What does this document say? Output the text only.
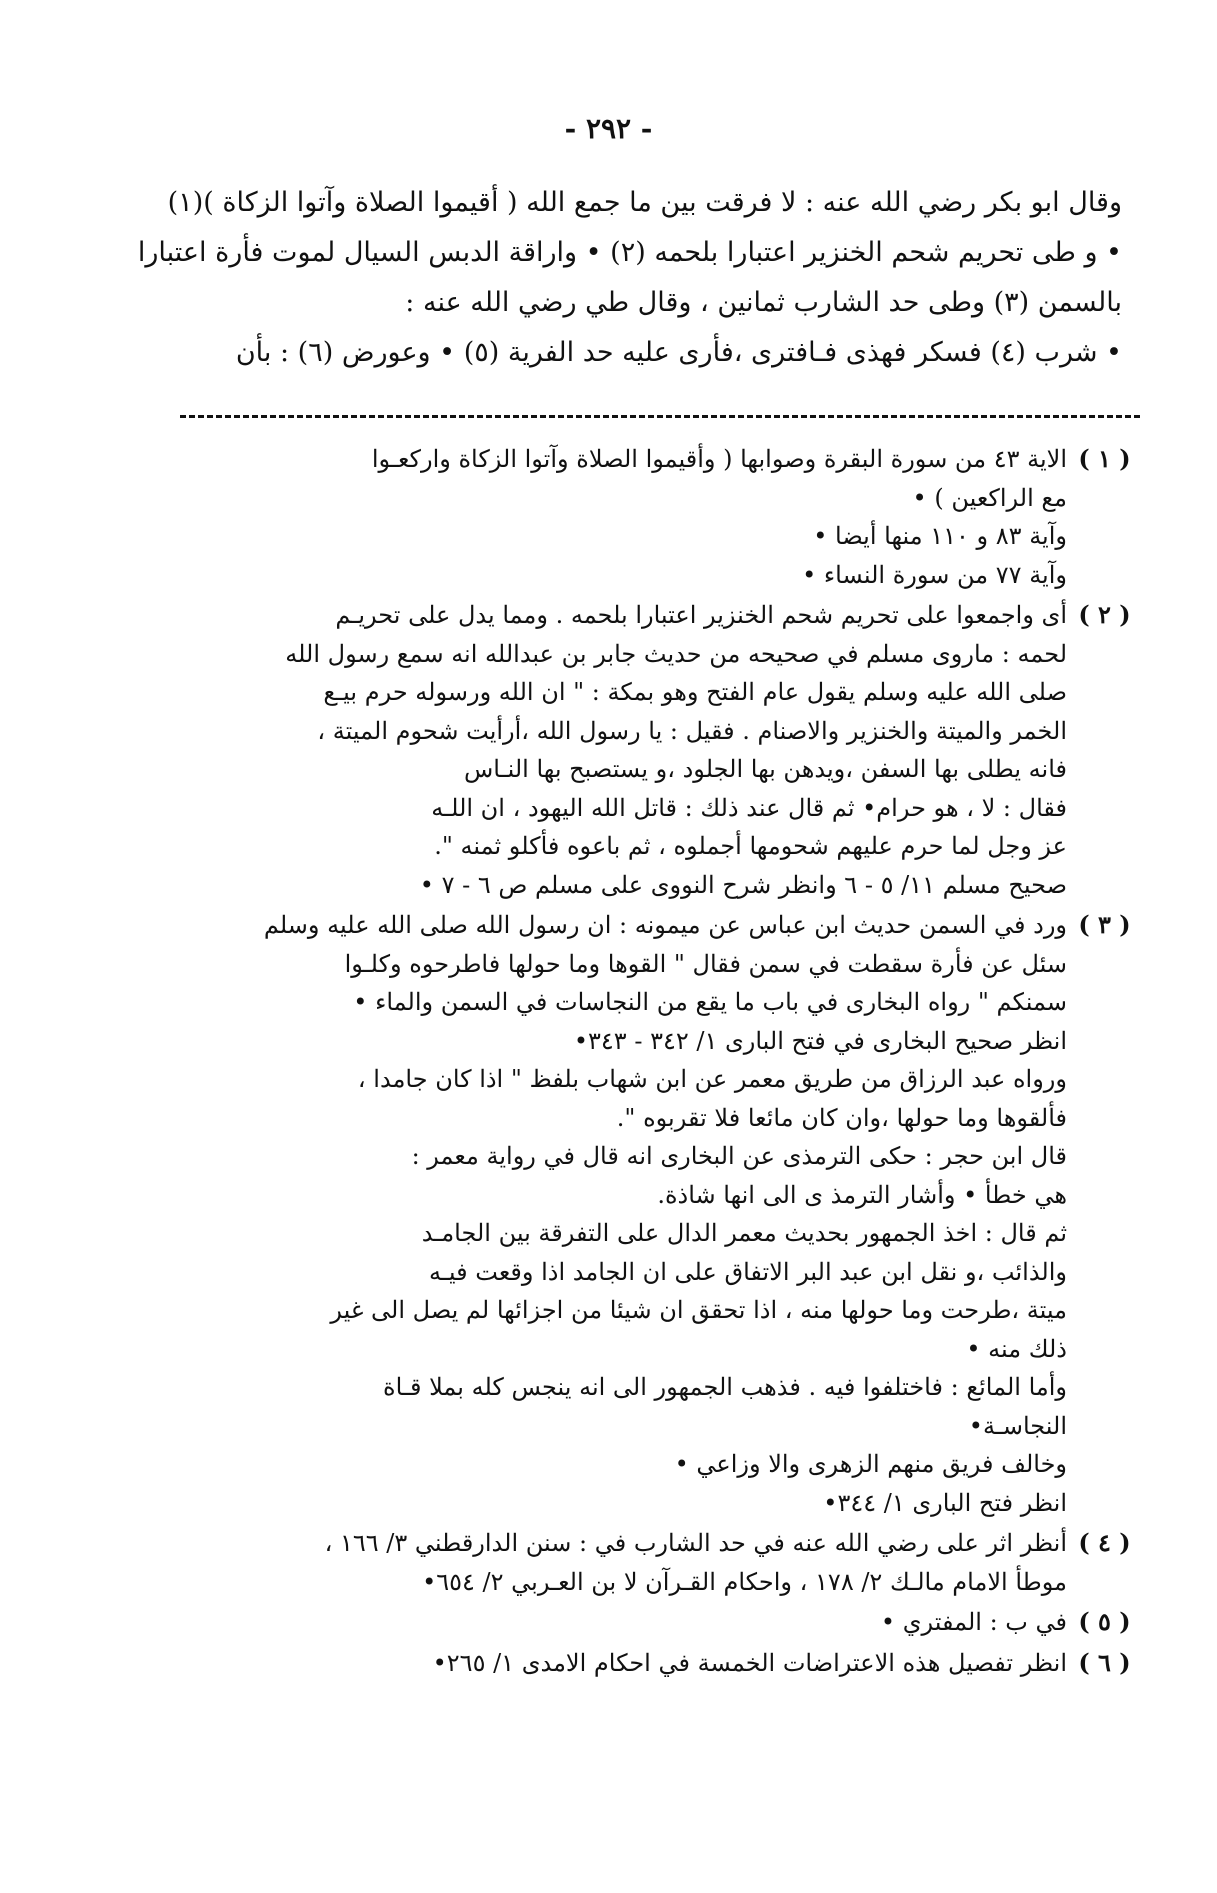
- ٢٩٢ -
وقال ابو بكر رضي الله عنه : لا فرقت بين ما جمع الله ( أقيموا الصلاة وآتوا الزكاة )(١)
• و طى تحريم شحم الخنزير اعتبارا بلحمه (٢) • واراقة الدبس السيال لموت فأرة اعتبارا
بالسمن (٣) وطى حد الشارب ثمانين ، وقال طي رضي الله عنه :
• شرب (٤) فسكر فهذى فـافترى ،فأرى عليه حد الفرية (٥) • وعورض (٦) : بأن
( ١ )
الاية ٤٣ من سورة البقرة وصوابها ( وأقيموا الصلاة وآتوا الزكاة واركعـوا
مع الراكعين ) •
وآية ٨٣ و ١١٠ منها أيضا •
وآية ٧٧ من سورة النساء •
( ٢ )
أى واجمعوا على تحريم شحم الخنزير اعتبارا بلحمه . ومما يدل على تحريـم
لحمه : ماروى مسلم في صحيحه من حديث جابر بن عبدالله انه سمع رسول الله
صلى الله عليه وسلم يقول عام الفتح وهو بمكة : " ان الله ورسوله حرم بيـع
الخمر والميتة والخنزير والاصنام . فقيل : يا رسول الله ،أرأيت شحوم الميتة ،
فانه يطلى بها السفن ،ويدهن بها الجلود ،و يستصبح بها النـاس
فقال : لا ، هو حرام• ثم قال عند ذلك : قاتل الله اليهود ، ان اللـه
عز وجل لما حرم عليهم شحومها أجملوه ، ثم باعوه فأكلو ثمنه ".
صحيح مسلم ١١/ ٥ - ٦ وانظر شرح النووى على مسلم ص ٦ - ٧ •
( ٣ )
ورد في السمن حديث ابن عباس عن ميمونه : ان رسول الله صلى الله عليه وسلم
سئل عن فأرة سقطت في سمن فقال " القوها وما حولها فاطرحوه وكلـوا
سمنكم " رواه البخارى في باب ما يقع من النجاسات في السمن والماء •
انظر صحيح البخارى في فتح البارى ١/ ٣٤٢ - ٣٤٣•
ورواه عبد الرزاق من طريق معمر عن ابن شهاب بلفظ " اذا كان جامدا ،
فألقوها وما حولها ،وان كان مائعا فلا تقربوه ".
قال ابن حجر : حكى الترمذى عن البخارى انه قال في رواية معمر :
هي خطأ • وأشار الترمذ ى الى انها شاذة.
ثم قال : اخذ الجمهور بحديث معمر الدال على التفرقة بين الجامـد
والذائب ،و نقل ابن عبد البر الاتفاق على ان الجامد اذا وقعت فيـه
ميتة ،طرحت وما حولها منه ، اذا تحقق ان شيئا من اجزائها لم يصل الى غير
ذلك منه •
وأما المائع : فاختلفوا فيه . فذهب الجمهور الى انه ينجس كله بملا قـاة
النجاسـة•
وخالف فريق منهم الزهرى والا وزاعي •
انظر فتح البارى ١/ ٣٤٤•
( ٤ )
أنظر اثر على رضي الله عنه في حد الشارب في : سنن الدارقطني ٣/ ١٦٦ ،
موطأ الامام مالـك ٢/ ١٧٨ ، واحكام القـرآن لا بن العـربي ٢/ ٦٥٤•
( ٥ )
في ب : المفتري •
( ٦ )
انظر تفصيل هذه الاعتراضات الخمسة في احكام الامدى ١/ ٢٦٥•
